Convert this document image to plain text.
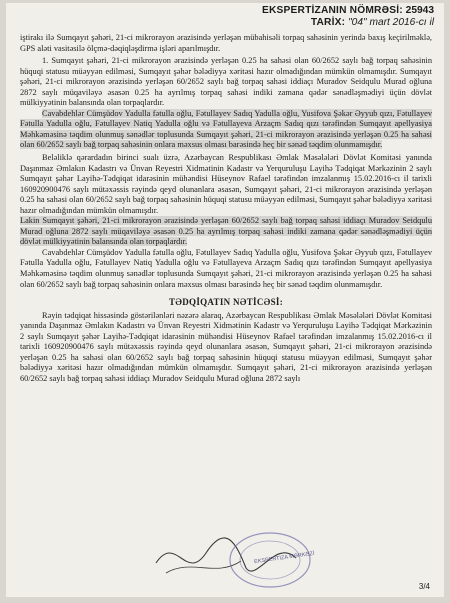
EKSPERTİZANIN NÖMRƏSİ: 25943
TARİX: "04" mart 2016-cı il

iştirakı ilə Sumqayıt şəhəri, 21-ci mikrorayon ərazisində yerləşən mübahisəli torpaq sahəsinin yerində baxış keçirilməklə, GPS aləti vasitəsilə ölçmə-dəqiqləşdirmə işləri aparılmışdır.

1. Sumqayıt şəhəri, 21-ci mikrorayon ərazisində yerləşən 0.25 ha sahəsi olan 60/2652 saylı bağ torpaq sahəsinin hüquqi statusu müəyyən edilməsi, Sumqayıt şəhər bələdiyyə xəritəsi hazır olmadığından mümkün olmamışdır. Sumqayıt şəhəri, 21-ci mikrorayon ərazisində yerləşən 60/2652 saylı bağ torpaq sahəsi iddiaçı Muradov Seidqulu Murad oğluna 2872 saylı müqaviləyə əsasən 0.25 ha ayrılmış torpaq sahəsi indiki zamana qədər sənədləşmədiyi üçün dövlət mülkiyyətinin balansında olan torpaqlardır.

Cavabdehlər Cümşüdov Yadulla fətulla oğlu, Fətullayev Sadıq Yadulla oğlu, Yusifova Şəkər Əyyub qızı, Fətullayev Fətulla Yadulla oğlu, Fətullayev Natiq Yadulla oğlu və Fətullayeva Arzaçm Sadıq qızı tərəfindən Sumqayıt apellyasiya Məhkəməsinə təqdim olunmuş sənədlər toplusunda Sumqayıt şəhəri, 21-ci mikrorayon ərazisində yerləşən 0.25 ha sahəsi olan 60/2652 saylı bağ torpaq sahəsinin onlara məxsus olması barəsində heç bir sənəd təqdim olunmamışdır.

Beləliklə qərardadın birinci sualı üzrə, Azərbaycan Respublikası Əmlak Məsələləri Dövlət Komitəsi yanında Daşınmaz Əmlakın Kadastrı və Ünvan Reyestri Xidmətinin Kadastr və Yerquruluşu Layihə Tədqiqat Mərkəzinin 2 saylı Sumqayıt şəhər Layihə-Tədqiqat idarəsinin mühəndisi Hüseynov Rafael tərəfindən imzalanmış 15.02.2016-cı il tarixli 160920900476 saylı mütəxəssis rəyində qeyd olunanlara əsasən, Sumqayıt şəhəri, 21-ci mikrorayon ərazisində yerləşən 0.25 ha sahəsi olan 60/2652 saylı bağ torpaq sahəsinin hüquqi statusu müəyyən edilməsi, Sumqayıt şəhər bələdiyyə xəritəsi hazır olmadığından mümkün olmamışdır.

Lakin Sumqayıt şəhəri, 21-ci mikrorayon ərazisində yerləşən 60/2652 saylı bağ torpaq sahəsi iddiaçı Muradov Seidqulu Murad oğluna 2872 saylı müqaviləyə əsasən 0.25 ha ayrılmış torpaq sahəsi indiki zamana qədər sənədləşmədiyi üçün dövlət mülkiyyətinin balansında olan torpaqlardır.

Cavabdehlər Cümşüdov Yadulla fətulla oğlu, Fətullayev Sadıq Yadulla oğlu, Yusifova Şəkər Əyyub qızı, Fətullayev Fətulla Yadulla oğlu, Fətullayev Natiq Yadulla oğlu və Fətullayeva Arzaçm Sadıq qızı tərəfindən Sumqayıt apellyasiya Məhkəməsinə təqdim olunmuş sənədlər toplusunda Sumqayıt şəhəri, 21-ci mikrorayon ərazisində yerləşən 0.25 ha sahəsi olan 60/2652 saylı bağ torpaq sahəsinin onlara məxsus olması barəsində heç bir sənəd təqdim olunmamışdır.

TƏDQİQATIN NƏTİCƏSİ:

Rəyin tədqiqat hissəsində göstərilənləri nəzərə alaraq, Azərbaycan Respublikası Əmlak Məsələləri Dövlət Komitəsi yanında Daşınmaz Əmlakın Kadastrı və Ünvan Reyestri Xidmətinin Kadastr və Yerquruluşu Layihə Tədqiqat Mərkəzinin 2 saylı Sumqayıt şəhər Layihə-Tədqiqat idarəsinin mühəndisi Hüseynov Rafael tərəfindən imzalanmış 15.02.2016-cı il tarixli 160920900476 saylı mütəxəssis rəyində qeyd olunanlara əsasən, Sumqayıt şəhəri, 21-ci mikrorayon ərazisində yerləşən 0.25 ha sahəsi olan 60/2652 saylı bağ torpaq sahəsinin hüquqi statusu müəyyən edilməsi, Sumqayıt şəhər bələdiyyə xəritəsi hazır olmadığından mümkün olmamışdır. Sumqayıt şəhəri, 21-ci mikrorayon ərazisində yerləşən 60/2652 saylı bağ torpaq sahəsi iddiaçı Muradov Seidqulu Murad oğluna 2872 saylı

EKSPERTİZA MƏRKƏZİ
3/4
